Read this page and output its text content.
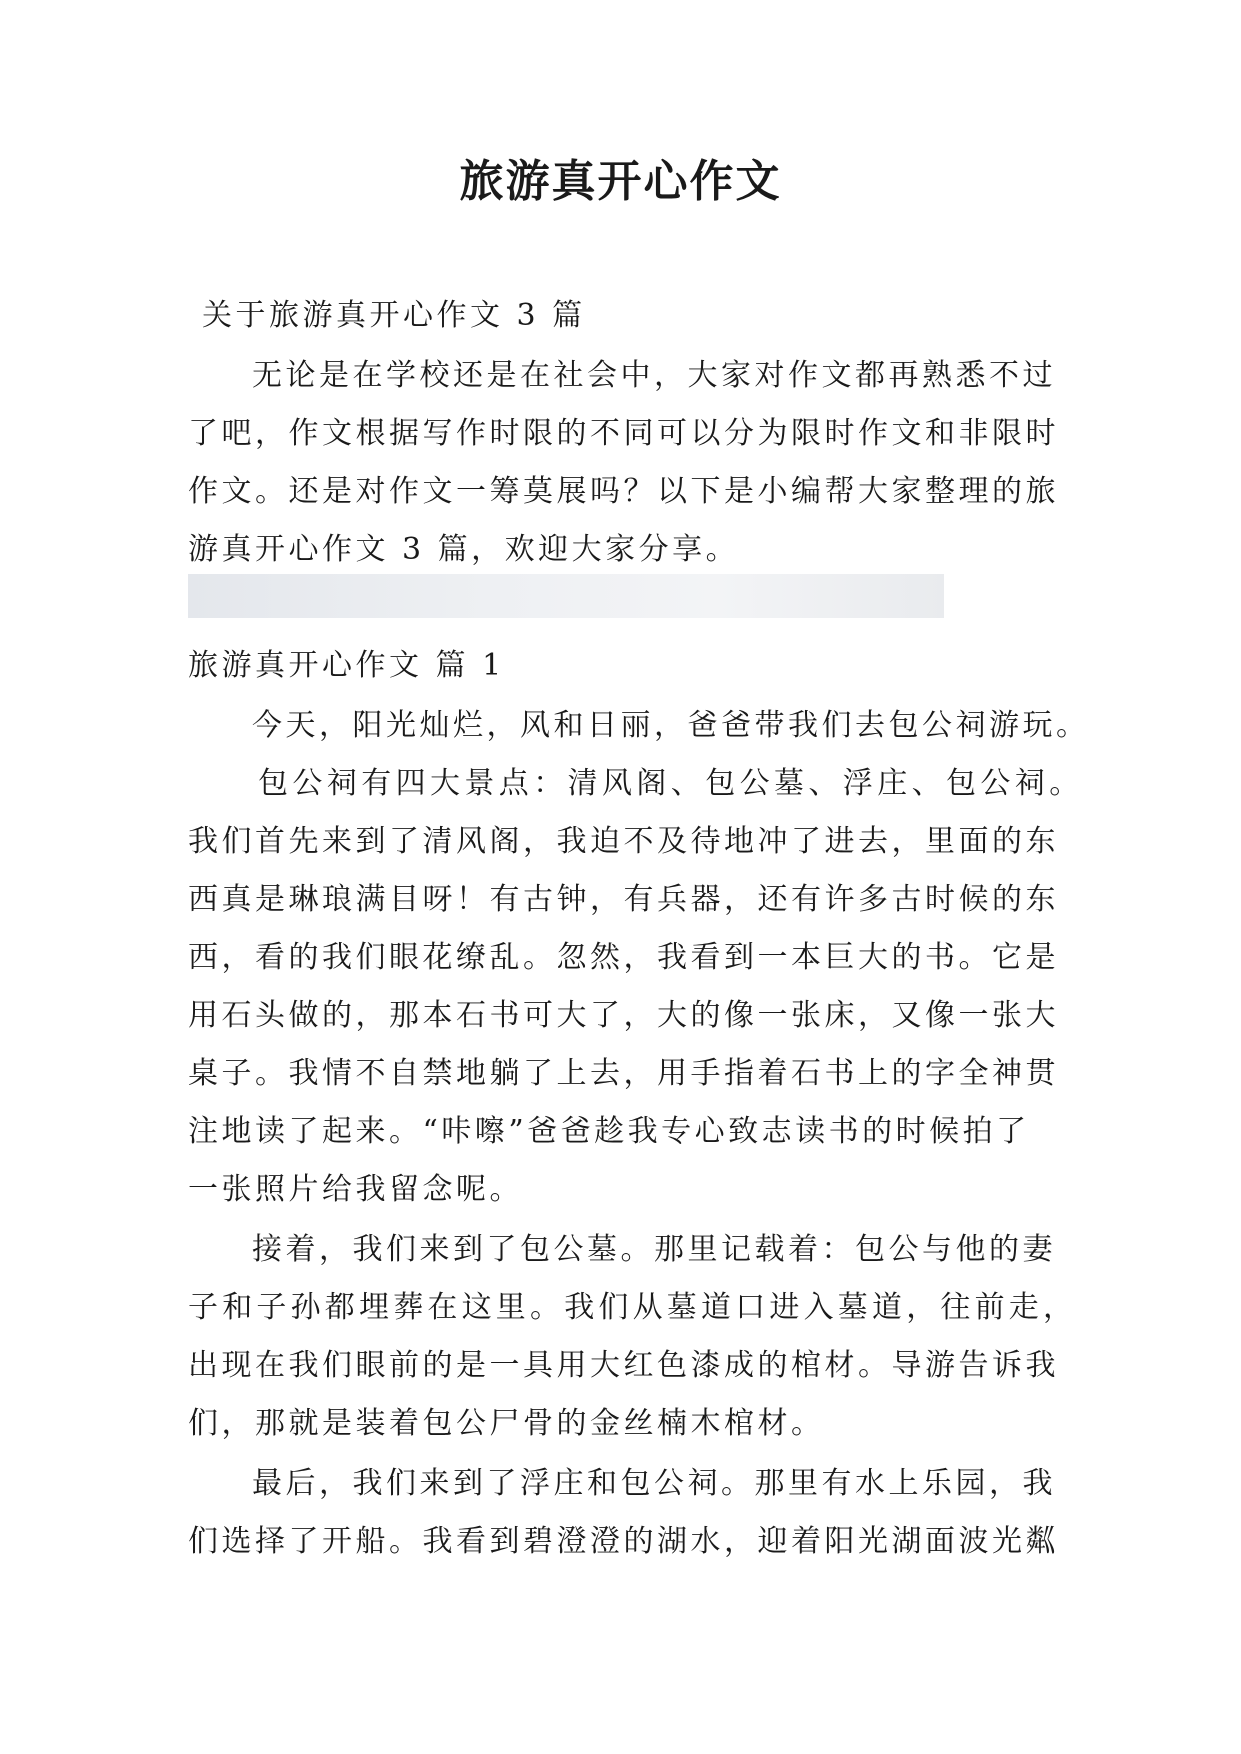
旅游真开心作文
关于旅游真开心作文 3 篇
无论是在学校还是在社会中，大家对作文都再熟悉不过
了吧，作文根据写作时限的不同可以分为限时作文和非限时
作文。还是对作文一筹莫展吗？以下是小编帮大家整理的旅
游真开心作文 3 篇，欢迎大家分享。
旅游真开心作文 篇 1
今天，阳光灿烂，风和日丽，爸爸带我们去包公祠游玩。
包公祠有四大景点：清风阁、包公墓、浮庄、包公祠。
我们首先来到了清风阁，我迫不及待地冲了进去，里面的东
西真是琳琅满目呀！有古钟，有兵器，还有许多古时候的东
西，看的我们眼花缭乱。忽然，我看到一本巨大的书。它是
用石头做的，那本石书可大了，大的像一张床，又像一张大
桌子。我情不自禁地躺了上去，用手指着石书上的字全神贯
注地读了起来。“咔嚓”爸爸趁我专心致志读书的时候拍了
一张照片给我留念呢。
接着，我们来到了包公墓。那里记载着：包公与他的妻
子和子孙都埋葬在这里。我们从墓道口进入墓道，往前走，
出现在我们眼前的是一具用大红色漆成的棺材。导游告诉我
们，那就是装着包公尸骨的金丝楠木棺材。
最后，我们来到了浮庄和包公祠。那里有水上乐园，我
们选择了开船。我看到碧澄澄的湖水，迎着阳光湖面波光粼
